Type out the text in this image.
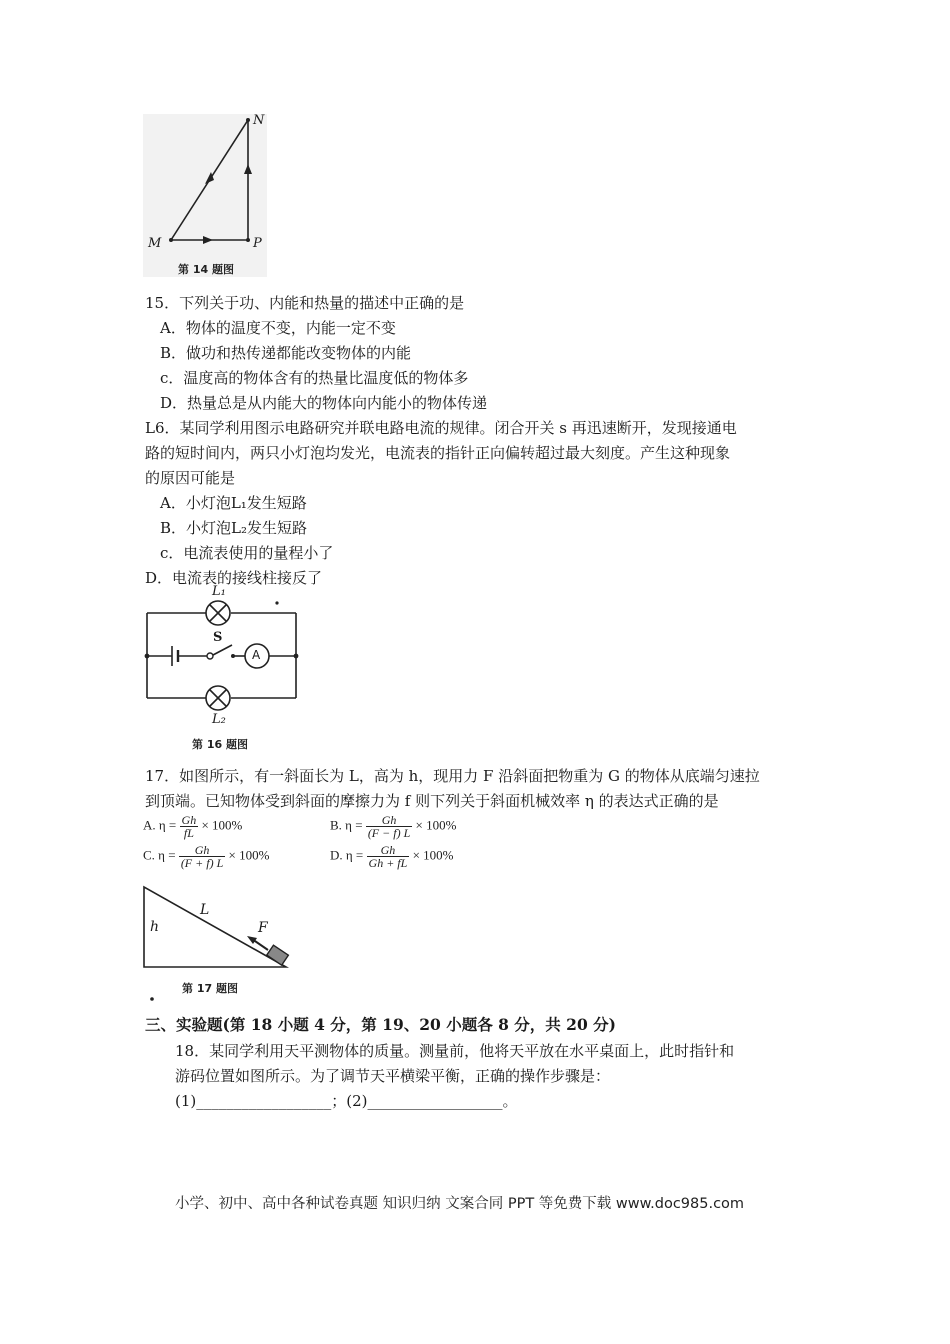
N
M	P
第 14 题图
15．下列关于功、内能和热量的描述中正确的是
A．物体的温度不变，内能一定不变
B．做功和热传递都能改变物体的内能
c．温度高的物体含有的热量比温度低的物体多
D．热量总是从内能大的物体向内能小的物体传递
L6．某同学利用图示电路研究并联电路电流的规律。闭合开关 s 再迅速断开，发现接通电
路的短时间内，两只小灯泡均发光，电流表的指针正向偏转超过最大刻度。产生这种现象
的原因可能是
A．小灯泡L₁发生短路
B．小灯泡L₂发生短路
c．电流表使用的量程小了
D．电流表的接线柱接反了
L₁
L₂
S
A
第 16 题图
17．如图所示，有一斜面长为 L，高为 h，现用力 F 沿斜面把物重为 G 的物体从底端匀速拉
到顶端。已知物体受到斜面的摩擦力为 f 则下列关于斜面机械效率 η 的表达式正确的是
A. $\eta = \frac{Gh}{fL} \times 100\%$	B. $\eta = \frac{Gh}{(F - f) L} \times 100\%$
C. $\eta = \frac{Gh}{(F + f) L} \times 100\%$	D. $\eta = \frac{Gh}{Gh + fL} \times 100\%$
h
L
F
第 17 题图
三、实验题(第 18 小题 4 分，第 19、20 小题各 8 分，共 20 分)
18．某同学利用天平测物体的质量。测量前，他将天平放在水平桌面上，此时指针和
游码位置如图所示。为了调节天平横梁平衡，正确的操作步骤是：
(1)__________________；(2)__________________。
小学、初中、高中各种试卷真题 知识归纳 文案合同 PPT 等免费下载 www.doc985.com
